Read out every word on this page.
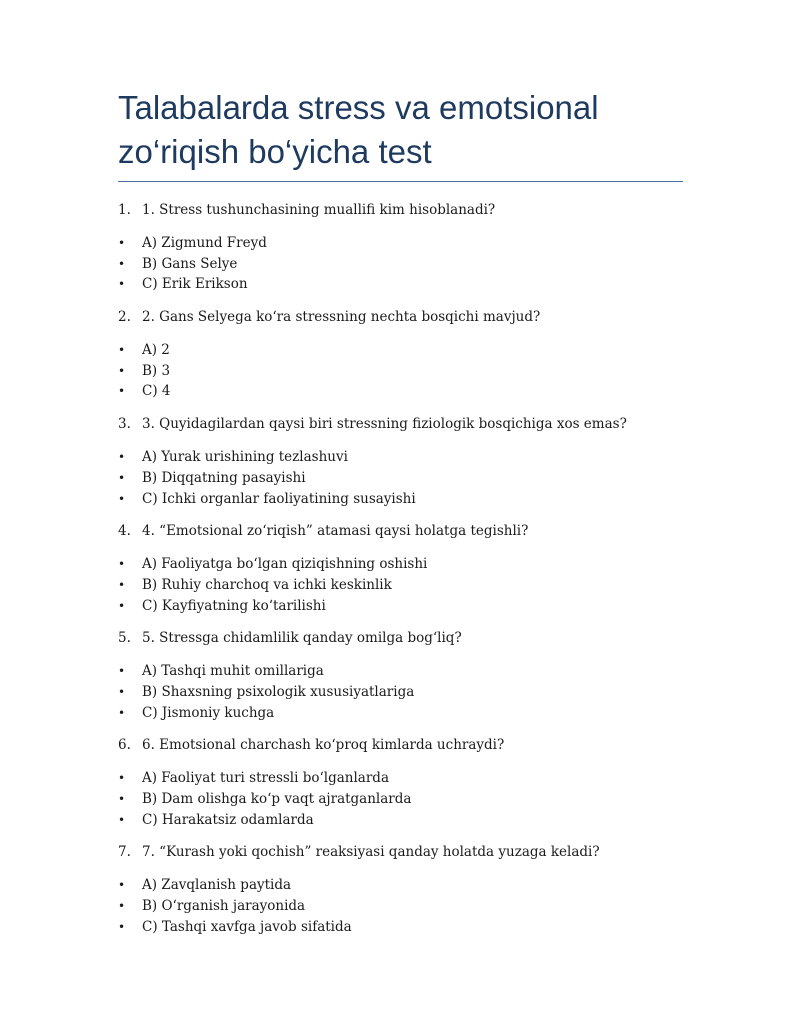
Talabalarda stress va emotsional
zo‘riqish bo‘yicha test
1. 1. Stress tushunchasining muallifi kim hisoblanadi?
•	A) Zigmund Freyd
•	B) Gans Selye
•	C) Erik Erikson
2. 2. Gans Selyega ko‘ra stressning nechta bosqichi mavjud?
•	A) 2
•	B) 3
•	C) 4
3. 3. Quyidagilardan qaysi biri stressning fiziologik bosqichiga xos emas?
•	A) Yurak urishining tezlashuvi
•	B) Diqqatning pasayishi
•	C) Ichki organlar faoliyatining susayishi
4. 4. “Emotsional zo‘riqish” atamasi qaysi holatga tegishli?
•	A) Faoliyatga bo‘lgan qiziqishning oshishi
•	B) Ruhiy charchoq va ichki keskinlik
•	C) Kayfiyatning ko‘tarilishi
5. 5. Stressga chidamlilik qanday omilga bog‘liq?
•	A) Tashqi muhit omillariga
•	B) Shaxsning psixologik xususiyatlariga
•	C) Jismoniy kuchga
6. 6. Emotsional charchash ko‘proq kimlarda uchraydi?
•	A) Faoliyat turi stressli bo‘lganlarda
•	B) Dam olishga ko‘p vaqt ajratganlarda
•	C) Harakatsiz odamlarda
7. 7. “Kurash yoki qochish” reaksiyasi qanday holatda yuzaga keladi?
•	A) Zavqlanish paytida
•	B) O‘rganish jarayonida
•	C) Tashqi xavfga javob sifatida
